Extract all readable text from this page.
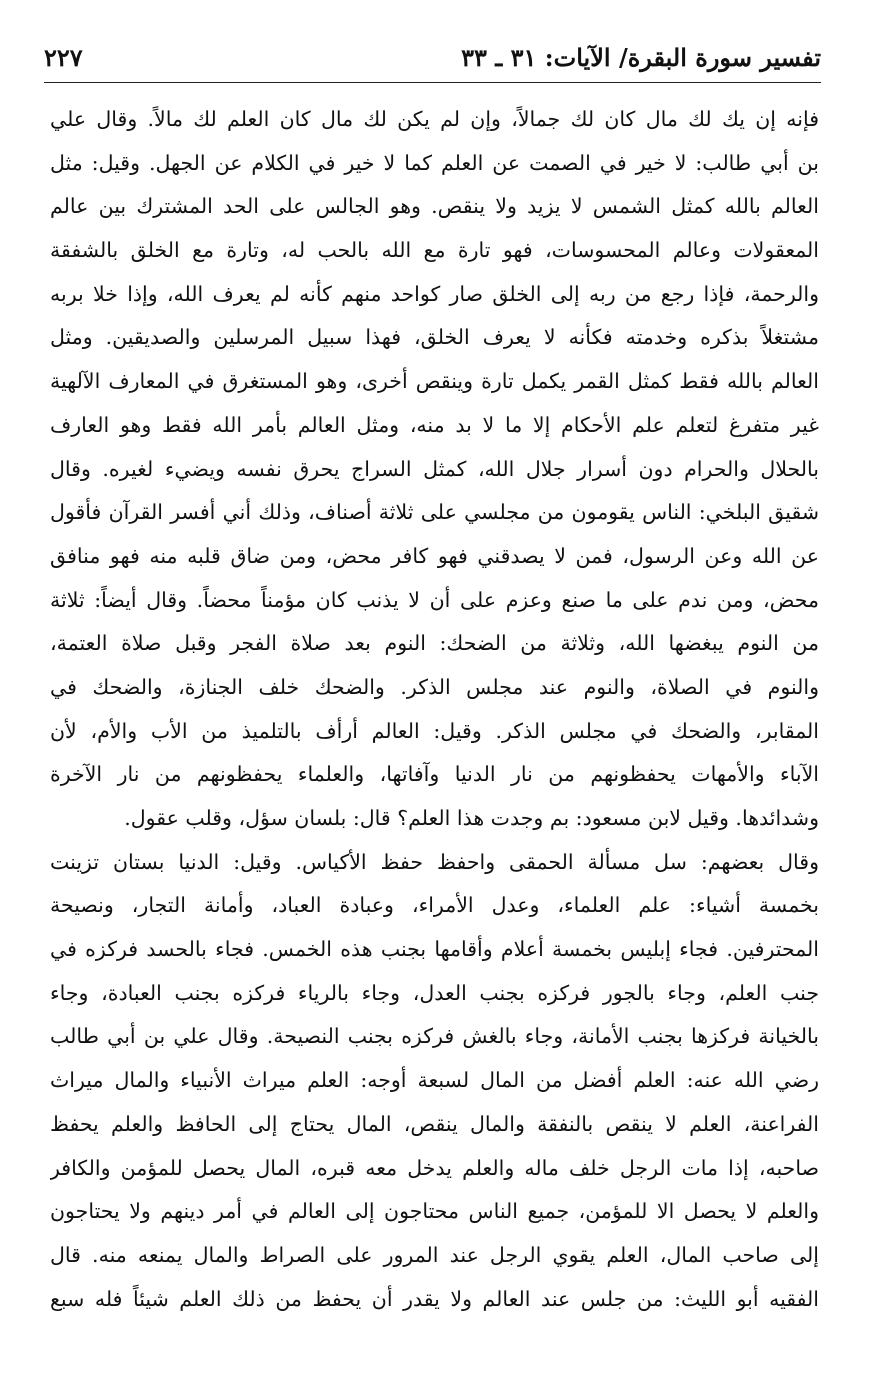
تفسير سورة البقرة/ الآيات: ٣١ ـ ٣٣
٢٢٧
فإنه إن يك لك مال كان لك جمالاً، وإن لم يكن لك مال كان العلم لك مالاً. وقال علي
بن أبي طالب: لا خير في الصمت عن العلم كما لا خير في الكلام عن الجهل. وقيل: مثل
العالم بالله كمثل الشمس لا يزيد ولا ينقص. وهو الجالس على الحد المشترك بين عالم
المعقولات وعالم المحسوسات، فهو تارة مع الله بالحب له، وتارة مع الخلق بالشفقة
والرحمة، فإذا رجع من ربه إلى الخلق صار كواحد منهم كأنه لم يعرف الله، وإذا خلا بربه
مشتغلاً بذكره وخدمته فكأنه لا يعرف الخلق، فهذا سبيل المرسلين والصديقين. ومثل
العالم بالله فقط كمثل القمر يكمل تارة وينقص أخرى، وهو المستغرق في المعارف الآلهية
غير متفرغ لتعلم علم الأحكام إلا ما لا بد منه، ومثل العالم بأمر الله فقط وهو العارف
بالحلال والحرام دون أسرار جلال الله، كمثل السراج يحرق نفسه ويضيء لغيره. وقال
شقيق البلخي: الناس يقومون من مجلسي على ثلاثة أصناف، وذلك أني أفسر القرآن فأقول
عن الله وعن الرسول، فمن لا يصدقني فهو كافر محض، ومن ضاق قلبه منه فهو منافق
محض، ومن ندم على ما صنع وعزم على أن لا يذنب كان مؤمناً محضاً. وقال أيضاً: ثلاثة
من النوم يبغضها الله، وثلاثة من الضحك: النوم بعد صلاة الفجر وقبل صلاة العتمة،
والنوم في الصلاة، والنوم عند مجلس الذكر. والضحك خلف الجنازة، والضحك في
المقابر، والضحك في مجلس الذكر. وقيل: العالم أرأف بالتلميذ من الأب والأم، لأن
الآباء والأمهات يحفظونهم من نار الدنيا وآفاتها، والعلماء يحفظونهم من نار الآخرة
وشدائدها. وقيل لابن مسعود: بم وجدت هذا العلم؟ قال: بلسان سؤل، وقلب عقول.
وقال بعضهم: سل مسألة الحمقى واحفظ حفظ الأكياس. وقيل: الدنيا بستان تزينت
بخمسة أشياء: علم العلماء، وعدل الأمراء، وعبادة العباد، وأمانة التجار، ونصيحة
المحترفين. فجاء إبليس بخمسة أعلام وأقامها بجنب هذه الخمس. فجاء بالحسد فركزه في
جنب العلم، وجاء بالجور فركزه بجنب العدل، وجاء بالرياء فركزه بجنب العبادة، وجاء
بالخيانة فركزها بجنب الأمانة، وجاء بالغش فركزه بجنب النصيحة. وقال علي بن أبي طالب
رضي الله عنه: العلم أفضل من المال لسبعة أوجه: العلم ميراث الأنبياء والمال ميراث
الفراعنة، العلم لا ينقص بالنفقة والمال ينقص، المال يحتاج إلى الحافظ والعلم يحفظ
صاحبه، إذا مات الرجل خلف ماله والعلم يدخل معه قبره، المال يحصل للمؤمن والكافر
والعلم لا يحصل الا للمؤمن، جميع الناس محتاجون إلى العالم في أمر دينهم ولا يحتاجون
إلى صاحب المال، العلم يقوي الرجل عند المرور على الصراط والمال يمنعه منه. قال
الفقيه أبو الليث: من جلس عند العالم ولا يقدر أن يحفظ من ذلك العلم شيئاً فله سبع
